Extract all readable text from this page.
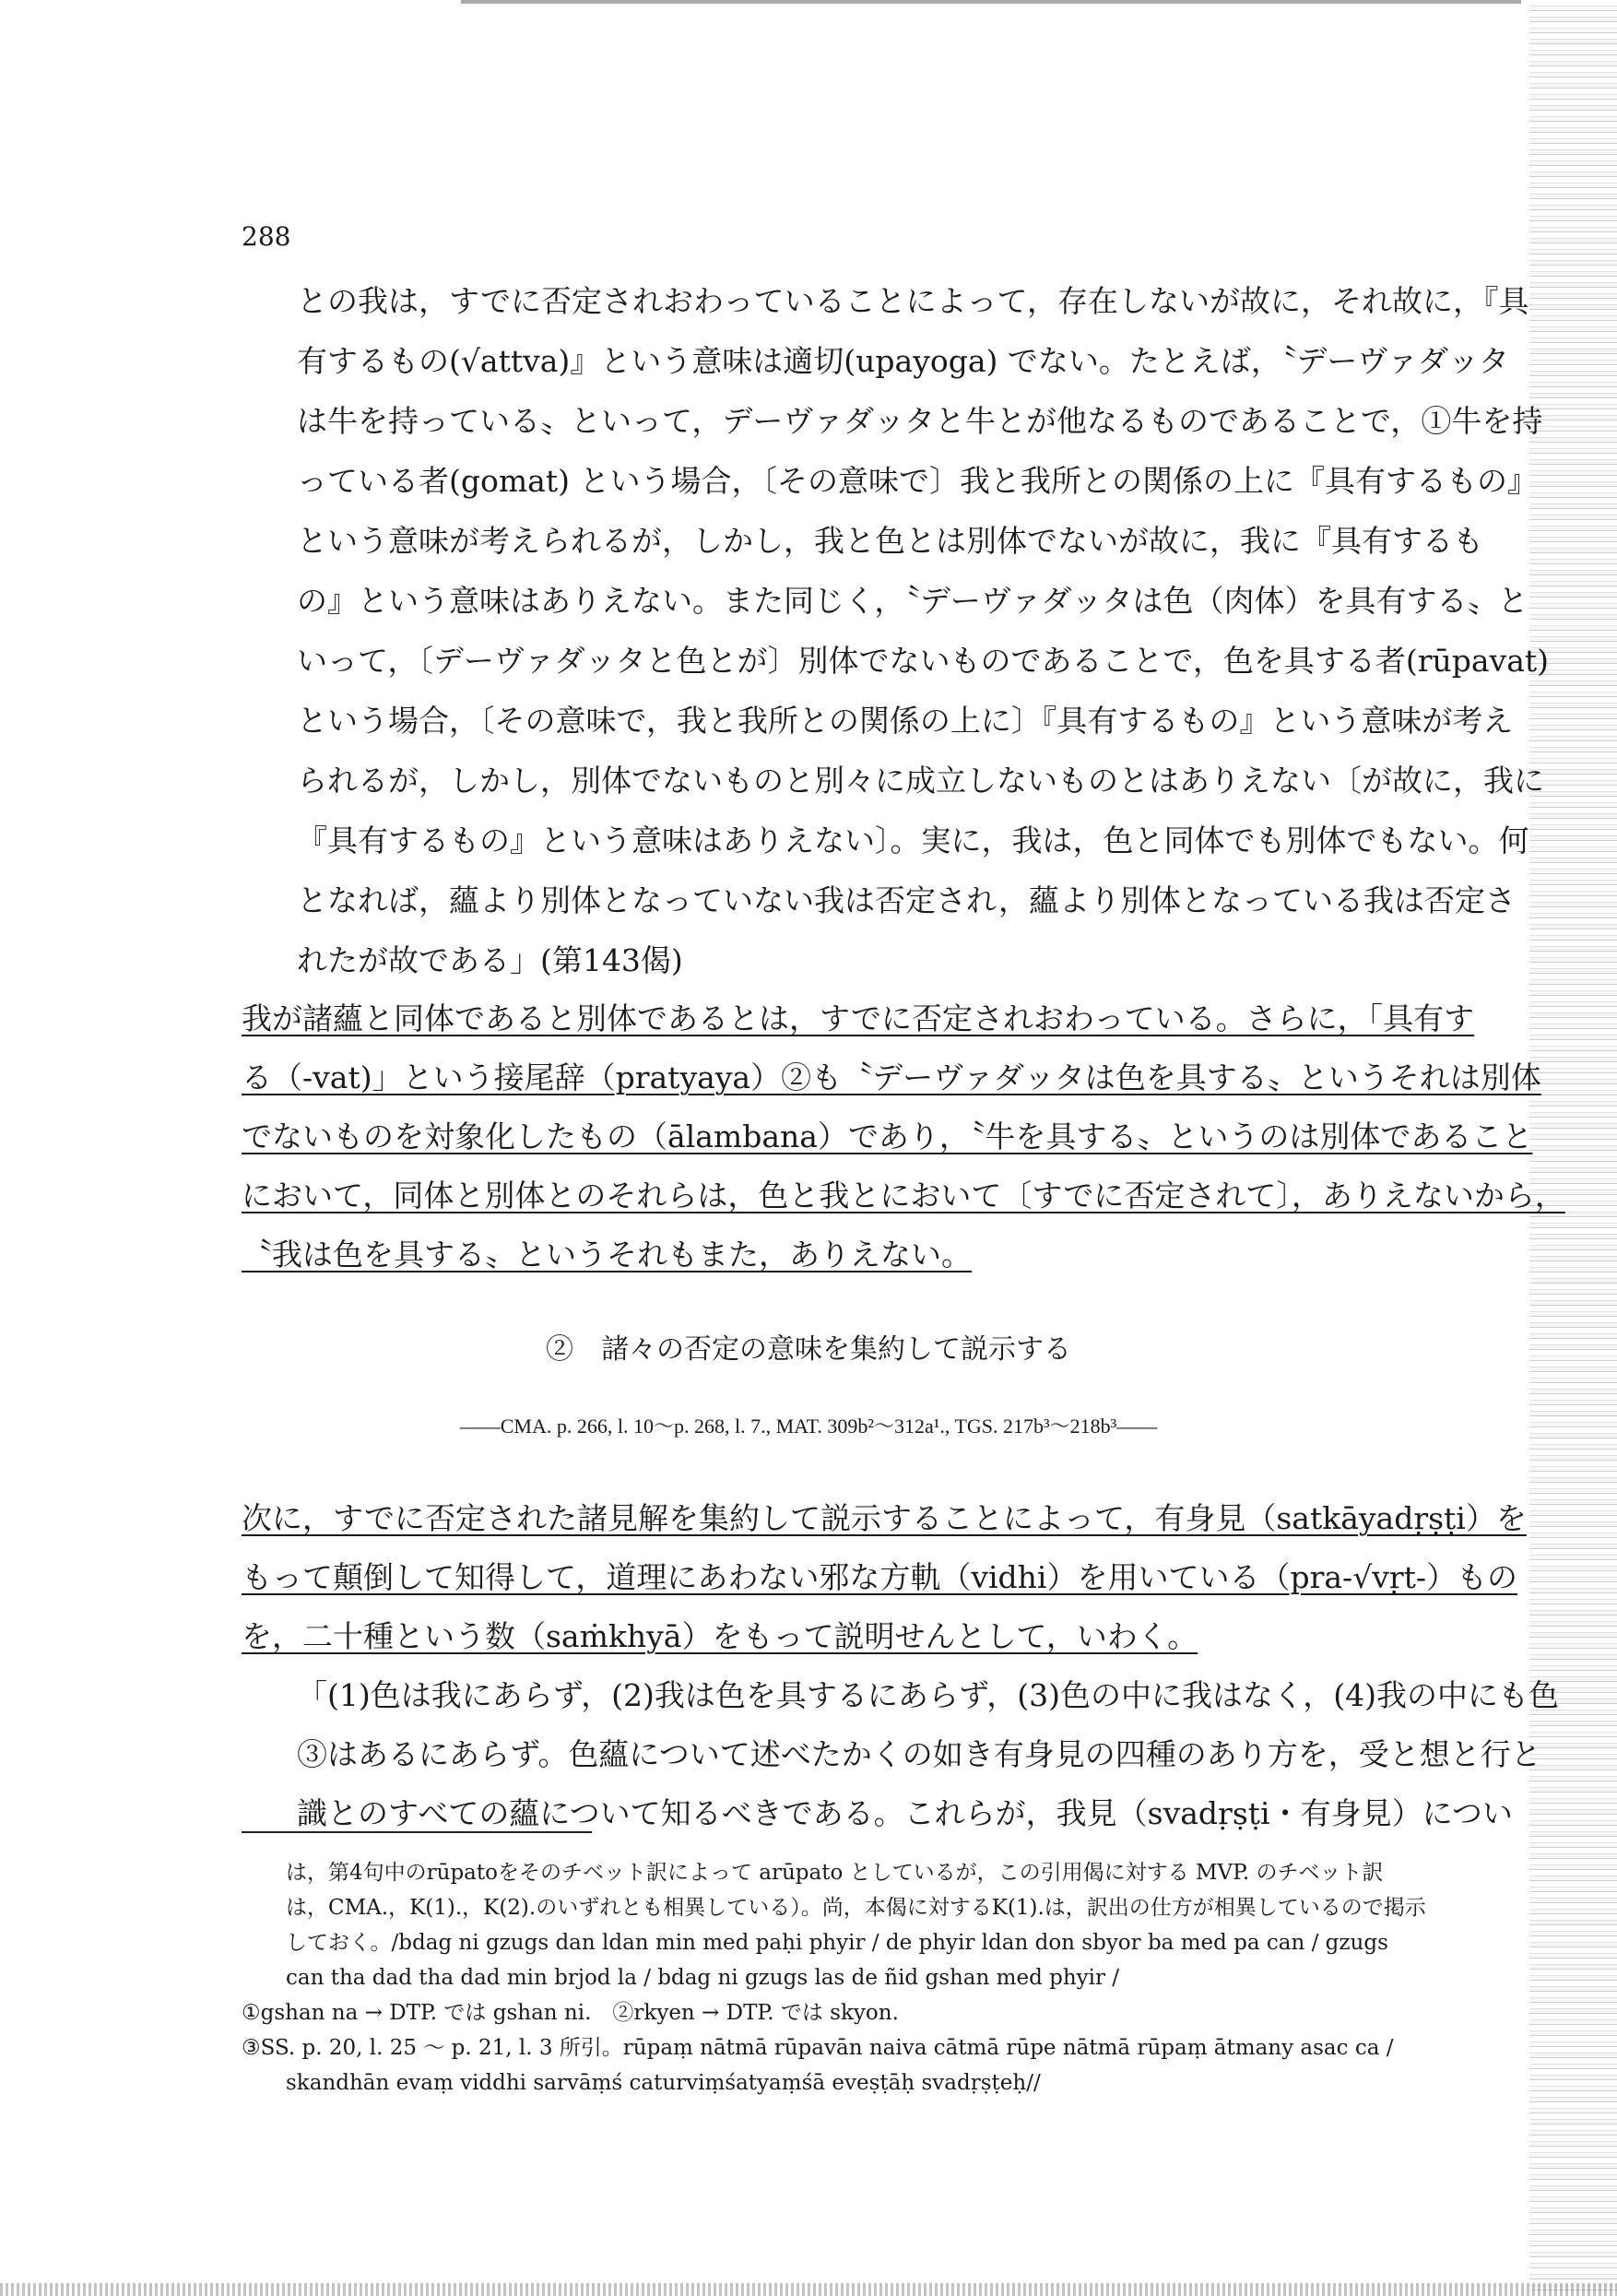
288
との我は，すでに否定されおわっていることによって，存在しないが故に，それ故に，『具
有するもの(√attva)』という意味は適切(upayoga) でない。たとえば，〝デーヴァダッタ
は牛を持っている〟といって，デーヴァダッタと牛とが他なるものであることで，①牛を持
っている者(gomat) という場合，〔その意味で〕我と我所との関係の上に『具有するもの』
という意味が考えられるが，しかし，我と色とは別体でないが故に，我に『具有するも
の』という意味はありえない。また同じく，〝デーヴァダッタは色（肉体）を具有する〟と
いって，〔デーヴァダッタと色とが〕別体でないものであることで，色を具する者(rūpavat)
という場合，〔その意味で，我と我所との関係の上に〕『具有するもの』という意味が考え
られるが，しかし，別体でないものと別々に成立しないものとはありえない〔が故に，我に
『具有するもの』という意味はありえない〕。実に，我は，色と同体でも別体でもない。何
となれば，蘊より別体となっていない我は否定され，蘊より別体となっている我は否定さ
れたが故である」(第143偈)
我が諸蘊と同体であると別体であるとは，すでに否定されおわっている。さらに，「具有す
る（-vat)」という接尾辞（pratyaya）②も〝デーヴァダッタは色を具する〟というそれは別体
でないものを対象化したもの（ālambana）であり，〝牛を具する〟というのは別体であること
において，同体と別体とのそれらは，色と我とにおいて〔すでに否定されて〕，ありえないから，
〝我は色を具する〟というそれもまた，ありえない。
②　諸々の否定の意味を集約して説示する
——CMA. p. 266, l. 10～p. 268, l. 7., MAT. 309b²～312a¹., TGS. 217b³～218b³——
次に，すでに否定された諸見解を集約して説示することによって，有身見（satkāyadṛṣṭi）を
もって顛倒して知得して，道理にあわない邪な方軌（vidhi）を用いている（pra-√vṛt-）もの
を，二十種という数（saṁkhyā）をもって説明せんとして，いわく。
「(1)色は我にあらず，(2)我は色を具するにあらず，(3)色の中に我はなく，(4)我の中にも色
③はあるにあらず。色蘊について述べたかくの如き有身見の四種のあり方を，受と想と行と
識とのすべての蘊について知るべきである。これらが，我見（svadṛṣṭi・有身見）につい
は，第4句中のrūpatoをそのチベット訳によって arūpato としているが，この引用偈に対する MVP. のチベット訳
は，CMA.，K(1).，K(2).のいずれとも相異している）。尚，本偈に対するK(1).は，訳出の仕方が相異しているので掲示
しておく。/bdag ni gzugs dan ldan min med paḥi phyir / de phyir ldan don sbyor ba med pa can / gzugs
can tha dad tha dad min brjod la / bdag ni gzugs las de ñid gshan med phyir /
①gshan na → DTP. では gshan ni.　②rkyen → DTP. では skyon.
③SS. p. 20, l. 25 ～ p. 21, l. 3 所引。rūpaṃ nātmā rūpavān naiva cātmā rūpe nātmā rūpaṃ ātmany asac ca /
skandhān evaṃ viddhi sarvāṃś caturviṃśatyaṃśā eveṣṭāḥ svadṛṣṭeḥ//
